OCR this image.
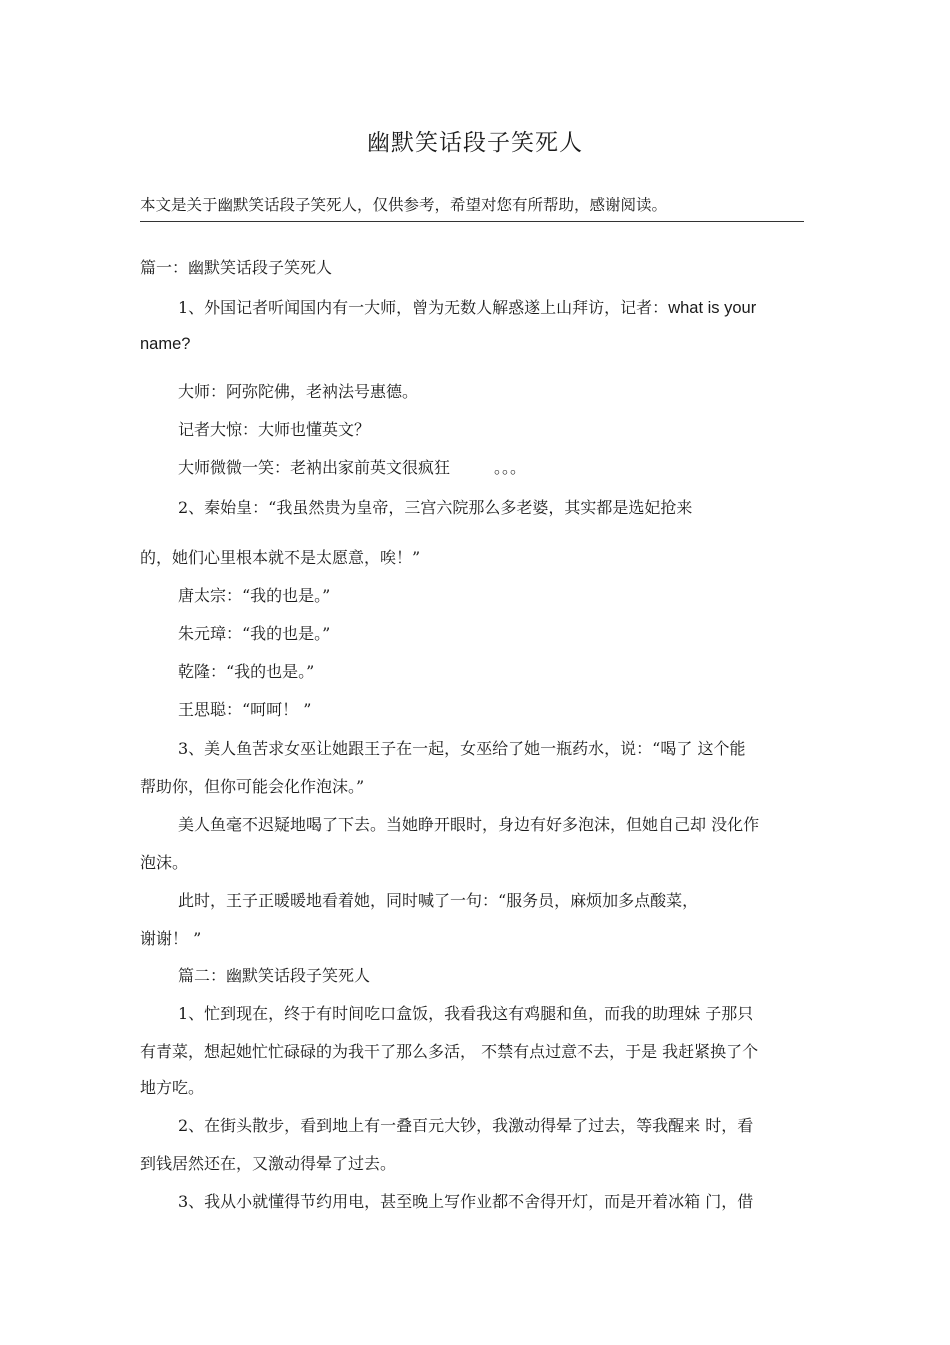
幽默笑话段子笑死人
本文是关于幽默笑话段子笑死人，仅供参考，希望对您有所帮助，感谢阅读。
篇一：幽默笑话段子笑死人
1、外国记者听闻国内有一大师，曾为无数人解惑遂上山拜访，记者：what is your
name?
大师：阿弥陀佛，老衲法号惠德。
记者大惊：大师也懂英文？
大师微微一笑：老衲出家前英文很疯狂	。。。
2、秦始皇：“我虽然贵为皇帝，三宫六院那么多老婆，其实都是选妃抢来
的，她们心里根本就不是太愿意，唉！”
唐太宗：“我的也是。”
朱元璋：“我的也是。”
乾隆：“我的也是。”
王思聪：“呵呵！ ”
3、美人鱼苦求女巫让她跟王子在一起，女巫给了她一瓶药水，说：“喝了 这个能
帮助你，但你可能会化作泡沫。”
美人鱼毫不迟疑地喝了下去。当她睁开眼时，身边有好多泡沫，但她自己却 没化作
泡沫。
此时，王子正暖暖地看着她，同时喊了一句：“服务员，麻烦加多点酸菜，
谢谢！ ”
篇二：幽默笑话段子笑死人
1、忙到现在，终于有时间吃口盒饭，我看我这有鸡腿和鱼，而我的助理妹 子那只
有青菜，想起她忙忙碌碌的为我干了那么多活， 不禁有点过意不去，于是 我赶紧换了个
地方吃。
2、在街头散步，看到地上有一叠百元大钞，我激动得晕了过去，等我醒来 时，看
到钱居然还在，又激动得晕了过去。
3、我从小就懂得节约用电，甚至晚上写作业都不舍得开灯，而是开着冰箱 门，借
